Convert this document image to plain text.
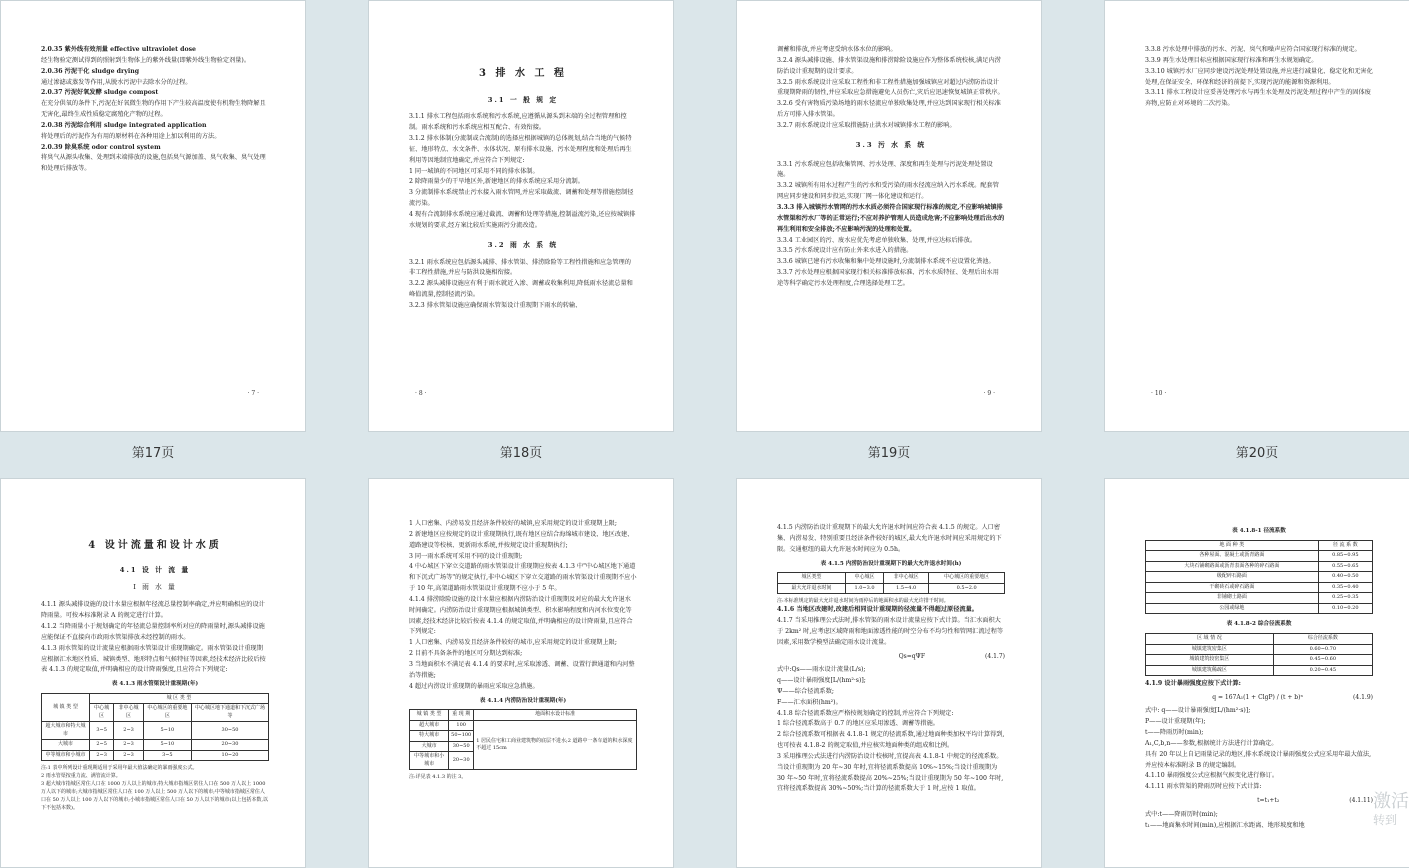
2.0.35 紫外线有效剂量 effective ultraviolet dose

经生物验定测试得到的照射到生物体上的紫外线量(即紫外线生物验定剂量)。

2.0.36 污泥干化 sludge drying

通过渗滤或蒸发等作用,从脱水污泥中去除水分的过程。

2.0.37 污泥好氧发酵 sludge compost

在充分供氧的条件下,污泥在好氧微生物的作用下产生较高温度使有机物生物降解且无害化,最终生成性质稳定腐殖化产物的过程。

2.0.38 污泥综合利用 sludge integrated application

将处理后的污泥作为有用的原材料在各种用途上加以利用的方法。

2.0.39 除臭系统 odor control system

将臭气从源头收集、处理到末端排放的设施,包括臭气源加盖、臭气收集、臭气处理和处理后排放等。

· 7 ·
第17页
3 排 水 工 程
3.1 一 般 规 定

3.1.1 排水工程包括雨水系统和污水系统,应遵循从源头到末端的全过程管理和控制。雨水系统和污水系统应相互配合、有效衔接。

3.1.2 排水体制(分流制或合流制)的选择应根据城镇的总体规划,结合当地的气候特征、地形特点、水文条件、水体状况、原有排水设施、污水处理程度和处理后再生利用等因地制宜地确定,并应符合下列规定:

1 同一城镇的不同地区可采用不同的排水体制。

2 除降雨量少的干旱地区外,新建地区的排水系统应采用分流制。

3 分流制排水系统禁止污水接入雨水管网,并应采取截流、调蓄和处理等措施控制径流污染。

4 现有合流制排水系统应通过截流、调蓄和处理等措施,控制溢流污染,还应按城镇排水规划的要求,经方案比较后实施雨污分流改造。

3.2 雨 水 系 统

3.2.1 雨水系统应包括源头减排、排水管渠、排涝除险等工程性措施和应急管理的非工程性措施,并应与防洪设施相衔接。

3.2.2 源头减排设施应有利于雨水就近入渗、调蓄或收集利用,降低雨水径流总量和峰值流量,控制径流污染。

3.2.3 排水管渠设施应确保雨水管渠设计重现期下雨水的转输、

· 8 ·
第18页

调蓄和排放,并应考虑受纳水体水位的影响。

3.2.4 源头减排设施、排水管渠设施和排涝除险设施应作为整体系统校核,满足内涝防治设计重现期的设计要求。

3.2.5 雨水系统设计应采取工程性和非工程性措施加强城镇应对超过内涝防治设计重现期降雨的韧性,并应采取应急措施避免人员伤亡,灾后应迅速恢复城镇正常秩序。

3.2.6 受有害物质污染场地的雨水径流应单独收集处理,并应达到国家现行相关标准后方可排入排水管渠。

3.2.7 雨水系统设计应采取措施防止洪水对城镇排水工程的影响。

3.3 污 水 系 统

3.3.1 污水系统应包括收集管网、污水处理、深度和再生处理与污泥处理处置设施。

3.3.2 城镇所有用水过程产生的污水和受污染的雨水径流应纳入污水系统。配套管网应同步建设和同步投运,实现厂网一体化建设和运行。

3.3.3 排入城镇污水管网的污水水质必须符合国家现行标准的规定,不应影响城镇排水管渠和污水厂等的正常运行;不应对养护管理人员造成危害;不应影响处理后出水的再生利用和安全排放;不应影响污泥的处理和处置。

3.3.4 工业园区的污、废水应优先考虑单独收集、处理,并应达标后排放。

3.3.5 污水系统设计应有防止外来水进入的措施。

3.3.6 城镇已建有污水收集和集中处理设施时,分流制排水系统不应设置化粪池。

3.3.7 污水处理应根据国家现行相关标准排放标准、污水水质特征、处理后出水用途等科学确定污水处理程度,合理选择处理工艺。

· 9 ·
第19页

3.3.8 污水处理中排放的污水、污泥、臭气和噪声应符合国家现行标准的规定。

3.3.9 再生水处理目标应根据国家现行标准和再生水规划确定。

3.3.10 城镇污水厂应同步建设污泥处理处置设施,并应进行减量化、稳定化和无害化处理,在保证安全、环保和经济的前提下,实现污泥的能源和资源利用。

3.3.11 排水工程设计应妥善处理污水与再生水处理及污泥处理过程中产生的固体废弃物,应防止对环境的二次污染。

· 10 ·
第20页
4 设计流量和设计水质
4.1 设 计 流 量
Ⅰ 雨 水 量

4.1.1 源头减排设施的设计水量应根据年径流总量控制率确定,并应明确相应的设计降雨量。可按本标准附录 A 的规定进行计算。

4.1.2 当降雨量小于规划确定的年径流总量控制率所对应的降雨量时,源头减排设施应能保证不直接向市政雨水管渠排放未经控制的雨水。

4.1.3 雨水管渠的设计流量应根据雨水管渠设计重现期确定。雨水管渠设计重现期应根据汇水地区性质、城镇类型、地形特点和气候特征等因素,经技术经济比较后按表 4.1.3 的规定取值,并明确相应的设计降雨强度,且应符合下列规定:

表 4.1.3 雨水管渠设计重现期(年)
城 镇 类 型	城 区 类 型			
	中心城区	非中心城区	中心城区的重要地区	中心城区地下通道和下沉式广场等
超大城市和特大城市	3~5	2~3	5~10	30~50
大城市	2~5	2~3	5~10	20~30
中等城市和小城市	2~3	2~3	3~5	10~20

注:1 表中所列设计重现期适用于采用年最大值法确定的暴雨强度公式。

2 雨水管渠按重力流、满管流计算。

3 超大城市指城区常住人口在 1000 万人以上的城市;特大城市指城区常住人口在 500 万人以上 1000 万人以下的城市;大城市指城区常住人口在 100 万人以上 500 万人以下的城市;中等城市指城区常住人口在 50 万人以上 100 万人以下的城市;小城市指城区常住人口在 50 万人以下的城市(以上包括本数,以下不包括本数)。

1 人口密集、内涝易发且经济条件较好的城镇,应采用规定的设计重现期上限;

2 新建地区应按规定的设计重现期执行,既有地区应结合海绵城市建设、地区改建、道路建设等校核、更新雨水系统,并按规定设计重现期执行;

3 同一雨水系统可采用不同的设计重现期;

4 中心城区下穿立交道路的雨水管渠设计重现期应按表 4.1.3 中"中心城区地下通道和下沉式广场等"的规定执行,非中心城区下穿立交道路的雨水管渠设计重现期不应小于 10 年,高架道路雨水管渠设计重现期不应小于 5 年。

4.1.4 排涝除险设施的设计水量应根据内涝防治设计重现期及对应的最大允许退水时间确定。内涝防治设计重现期应根据城镇类型、积水影响程度和内河水位变化等因素,经技术经济比较后按表 4.1.4 的规定取值,并明确相应的设计降雨量,且应符合下列规定:

1 人口密集、内涝易发且经济条件较好的城市,应采用规定的设计重现期上限;

2 目前不具备条件的地区可分期达到标准;

3 当地面积水不满足表 4.1.4 的要求时,应采取渗透、调蓄、设置行泄通道和内河整治等措施;

4 超过内涝设计重现期的暴雨应采取应急措施。

表 4.1.4 内涝防治设计重现期(年)
城 镇 类 型	重 现 期	地面积水设计标准
超大城市	100	1 居民住宅和工商业建筑物的底层不进水;2 道路中一条车道的积水深度不超过 15cm
特大城市	50~100	
大城市	30~50	
中等城市和小城市	20~30	
注:详见表 4.1.3 的注 3。

4.1.5 内涝防治设计重现期下的最大允许退水时间应符合表 4.1.5 的规定。人口密集、内涝易发、特别重要且经济条件较好的城区,最大允许退水时间应采用规定的下限。交通枢纽的最大允许退水时间应为 0.5h。

表 4.1.5 内涝防治设计重现期下的最大允许退水时间(h)
城区类型	中心城区	非中心城区	中心城区的重要地区
最大允许退水时间	1.0~3.0	1.5~4.0	0.5~2.0
注:本标准规定的最大允许退水时间为雨停后的地面积水的最大允许排干时间。

4.1.6 当地区改建时,改建后相同设计重现期的径流量不得超过原径流量。

4.1.7 当采用推理公式法时,排水管渠的雨水设计流量应按下式计算。当汇水面积大于 2km² 时,应考虑区域降雨和地面渗透性能的时空分布不均匀性和管网汇流过程等因素,采用数学模型法确定雨水设计流量。

Qs=qΨF	(4.1.7)

式中:Qs——雨水设计流量(L/s);

q——设计暴雨强度[L/(hm²·s)];

Ψ——综合径流系数;

F——汇水面积(hm²)。

4.1.8 综合径流系数应严格按规划确定的控制,并应符合下列规定:

1 综合径流系数高于 0.7 的地区应采用渗透、调蓄等措施。

2 综合径流系数可根据表 4.1.8-1 规定的径流系数,通过地面种类加权平均计算得到,也可按表 4.1.8-2 的规定取值,并应核实地面种类的组成和比例。

3 采用推理公式法进行内涝防治设计校核时,宜提高表 4.1.8-1 中规定的径流系数。当设计重现期为 20 年~30 年时,宜将径流系数提高 10%~15%;当设计重现期为 30 年~50 年时,宜将径流系数提高 20%~25%;当设计重现期为 50 年~100 年时,宜将径流系数提高 30%~50%;当计算的径流系数大于 1 时,应按 1 取值。

表 4.1.8-1 径流系数
地 面 种 类	径 流 系 数
各种屋面、混凝土或沥青路面	0.85~0.95
大块石铺砌路面或沥青表面各种的碎石路面	0.55~0.65
级配碎石路面	0.40~0.50
干砌砖石或碎石路面	0.35~0.40
非铺砌土路面	0.25~0.35
公园或绿地	0.10~0.20
表 4.1.8-2 综合径流系数
区 域 情 况	综合径流系数
城镇建筑密集区	0.60~0.70
城镇建筑较密集区	0.45~0.60
城镇建筑稀疏区	0.20~0.45

4.1.9 设计暴雨强度应按下式计算:

q = 167A₁(1 + ClgP) / (t + b)ⁿ	(4.1.9)

式中: q——设计暴雨强度[L/(hm²·s)];

P——设计重现期(年);

t——降雨历时(min);

A₁,C,b,n——参数,根据统计方法进行计算确定。

具有 20 年以上自记雨量记录的地区,排水系统设计暴雨强度公式应采用年最大值法,并应按本标准附录 B 的规定编制。

4.1.10 暴雨强度公式应根据气候变化进行修订。

4.1.11 雨水管渠的降雨历时应按下式计算:

t=t₁+t₂	(4.1.11)

式中:t——降雨历时(min);

t₁——地面集水时间(min),应根据汇水距离、地形坡度和地

激活
转到
